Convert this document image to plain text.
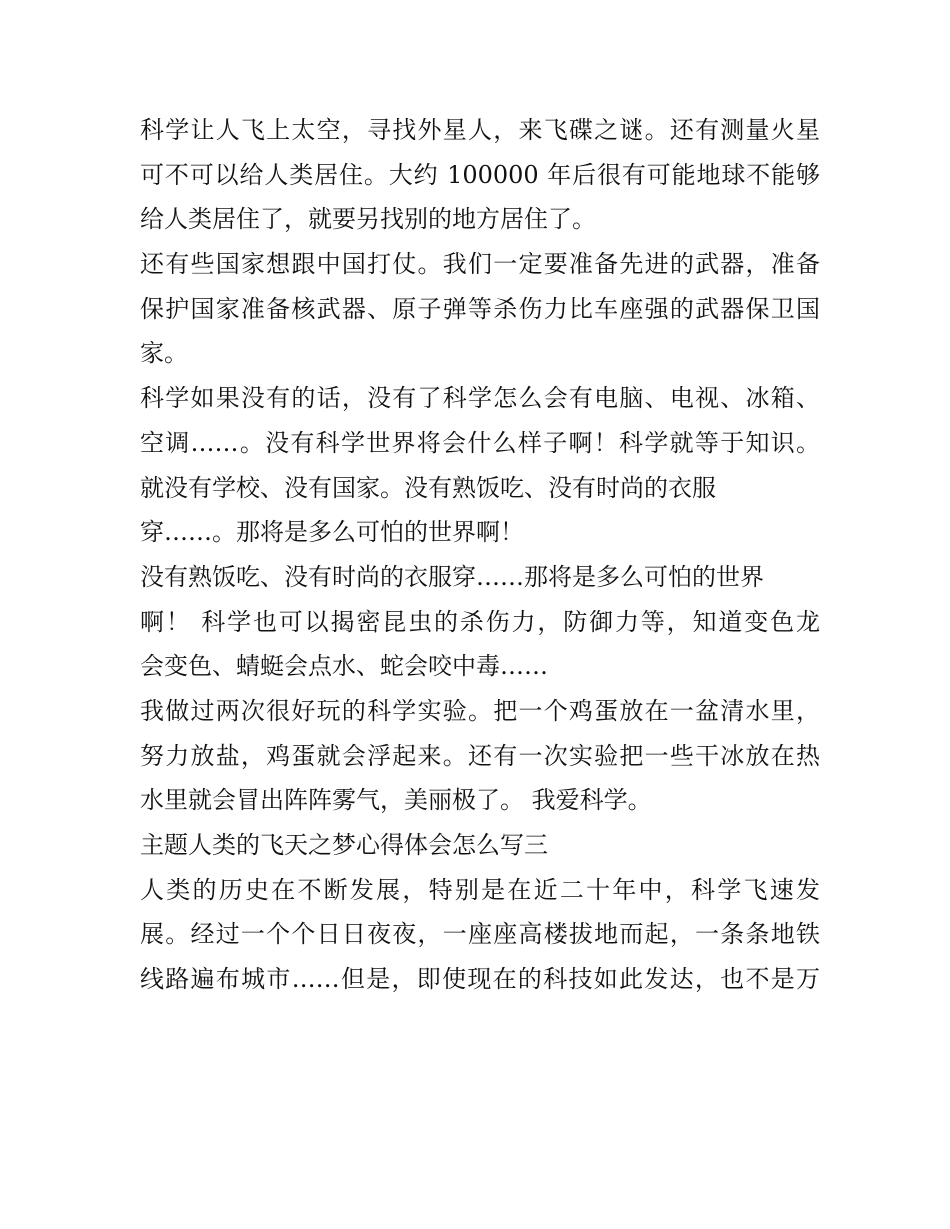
科学让人飞上太空，寻找外星人，来飞碟之谜。还有测量火星
可不可以给人类居住。大约 100000 年后很有可能地球不能够
给人类居住了，就要另找别的地方居住了。
还有些国家想跟中国打仗。我们一定要准备先进的武器，准备
保护国家准备核武器、原子弹等杀伤力比车座强的武器保卫国
家。
科学如果没有的话，没有了科学怎么会有电脑、电视、冰箱、
空调……。没有科学世界将会什么样子啊！科学就等于知识。
就没有学校、没有国家。没有熟饭吃、没有时尚的衣服
穿……。那将是多么可怕的世界啊！
没有熟饭吃、没有时尚的衣服穿……那将是多么可怕的世界
啊！ 科学也可以揭密昆虫的杀伤力，防御力等，知道变色龙
会变色、蜻蜓会点水、蛇会咬中毒……
我做过两次很好玩的科学实验。把一个鸡蛋放在一盆清水里，
努力放盐，鸡蛋就会浮起来。还有一次实验把一些干冰放在热
水里就会冒出阵阵雾气，美丽极了。 我爱科学。
主题人类的飞天之梦心得体会怎么写三
人类的历史在不断发展，特别是在近二十年中，科学飞速发
展。经过一个个日日夜夜，一座座高楼拔地而起，一条条地铁
线路遍布城市……但是，即使现在的科技如此发达，也不是万
